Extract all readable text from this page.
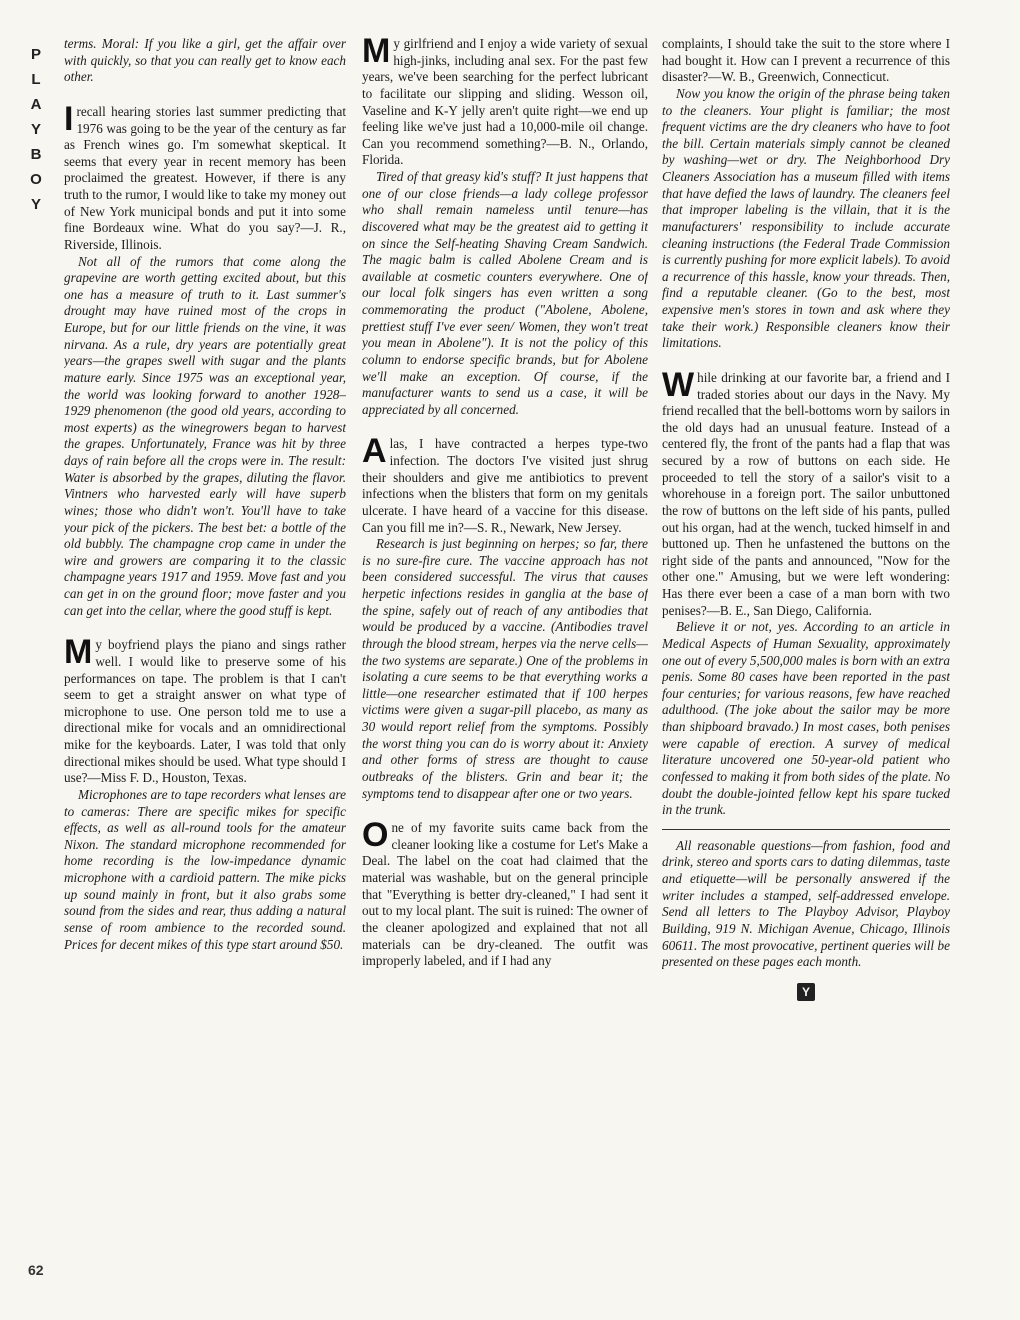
P
L
A
Y
B
O
Y
62

terms. Moral: If you like a girl, get the affair over with quickly, so that you can really get to know each other.

I recall hearing stories last summer predicting that 1976 was going to be the year of the century as far as French wines go. I'm somewhat skeptical. It seems that every year in recent memory has been proclaimed the greatest. However, if there is any truth to the rumor, I would like to take my money out of New York municipal bonds and put it into some fine Bordeaux wine. What do you say?—J. R., Riverside, Illinois.

Not all of the rumors that come along the grapevine are worth getting excited about, but this one has a measure of truth to it. Last summer's drought may have ruined most of the crops in Europe, but for our little friends on the vine, it was nirvana. As a rule, dry years are potentially great years—the grapes swell with sugar and the plants mature early. Since 1975 was an exceptional year, the world was looking forward to another 1928–1929 phenomenon (the good old years, according to most experts) as the winegrowers began to harvest the grapes. Unfortunately, France was hit by three days of rain before all the crops were in. The result: Water is absorbed by the grapes, diluting the flavor. Vintners who harvested early will have superb wines; those who didn't won't. You'll have to take your pick of the pickers. The best bet: a bottle of the old bubbly. The champagne crop came in under the wire and growers are comparing it to the classic champagne years 1917 and 1959. Move fast and you can get in on the ground floor; move faster and you can get into the cellar, where the good stuff is kept.

My boyfriend plays the piano and sings rather well. I would like to preserve some of his performances on tape. The problem is that I can't seem to get a straight answer on what type of microphone to use. One person told me to use a directional mike for vocals and an omnidirectional mike for the keyboards. Later, I was told that only directional mikes should be used. What type should I use?—Miss F. D., Houston, Texas.

Microphones are to tape recorders what lenses are to cameras: There are specific mikes for specific effects, as well as all-round tools for the amateur Nixon. The standard microphone recommended for home recording is the low-impedance dynamic microphone with a cardioid pattern. The mike picks up sound mainly in front, but it also grabs some sound from the sides and rear, thus adding a natural sense of room ambience to the recorded sound. Prices for decent mikes of this type start around $50.

My girlfriend and I enjoy a wide variety of sexual high-jinks, including anal sex. For the past few years, we've been searching for the perfect lubricant to facilitate our slipping and sliding. Wesson oil, Vaseline and K-Y jelly aren't quite right—we end up feeling like we've just had a 10,000-mile oil change. Can you recommend something?—B. N., Orlando, Florida.

Tired of that greasy kid's stuff? It just happens that one of our close friends—a lady college professor who shall remain nameless until tenure—has discovered what may be the greatest aid to getting it on since the Self-heating Shaving Cream Sandwich. The magic balm is called Abolene Cream and is available at cosmetic counters everywhere. One of our local folk singers has even written a song commemorating the product ("Abolene, Abolene, prettiest stuff I've ever seen/ Women, they won't treat you mean in Abolene"). It is not the policy of this column to endorse specific brands, but for Abolene we'll make an exception. Of course, if the manufacturer wants to send us a case, it will be appreciated by all concerned.

Alas, I have contracted a herpes type-two infection. The doctors I've visited just shrug their shoulders and give me antibiotics to prevent infections when the blisters that form on my genitals ulcerate. I have heard of a vaccine for this disease. Can you fill me in?—S. R., Newark, New Jersey.

Research is just beginning on herpes; so far, there is no sure-fire cure. The vaccine approach has not been considered successful. The virus that causes herpetic infections resides in ganglia at the base of the spine, safely out of reach of any antibodies that would be produced by a vaccine. (Antibodies travel through the blood stream, herpes via the nerve cells—the two systems are separate.) One of the problems in isolating a cure seems to be that everything works a little—one researcher estimated that if 100 herpes victims were given a sugar-pill placebo, as many as 30 would report relief from the symptoms. Possibly the worst thing you can do is worry about it: Anxiety and other forms of stress are thought to cause outbreaks of the blisters. Grin and bear it; the symptoms tend to disappear after one or two years.

One of my favorite suits came back from the cleaner looking like a costume for Let's Make a Deal. The label on the coat had claimed that the material was washable, but on the general principle that "Everything is better dry-cleaned," I had sent it out to my local plant. The suit is ruined: The owner of the cleaner apologized and explained that not all materials can be dry-cleaned. The outfit was improperly labeled, and if I had any

complaints, I should take the suit to the store where I had bought it. How can I prevent a recurrence of this disaster?—W. B., Greenwich, Connecticut.

Now you know the origin of the phrase being taken to the cleaners. Your plight is familiar; the most frequent victims are the dry cleaners who have to foot the bill. Certain materials simply cannot be cleaned by washing—wet or dry. The Neighborhood Dry Cleaners Association has a museum filled with items that have defied the laws of laundry. The cleaners feel that improper labeling is the villain, that it is the manufacturers' responsibility to include accurate cleaning instructions (the Federal Trade Commission is currently pushing for more explicit labels). To avoid a recurrence of this hassle, know your threads. Then, find a reputable cleaner. (Go to the best, most expensive men's stores in town and ask where they take their work.) Responsible cleaners know their limitations.

While drinking at our favorite bar, a friend and I traded stories about our days in the Navy. My friend recalled that the bell-bottoms worn by sailors in the old days had an unusual feature. Instead of a centered fly, the front of the pants had a flap that was secured by a row of buttons on each side. He proceeded to tell the story of a sailor's visit to a whorehouse in a foreign port. The sailor unbuttoned the row of buttons on the left side of his pants, pulled out his organ, had at the wench, tucked himself in and buttoned up. Then he unfastened the buttons on the right side of the pants and announced, "Now for the other one." Amusing, but we were left wondering: Has there ever been a case of a man born with two penises?—B. E., San Diego, California.

Believe it or not, yes. According to an article in Medical Aspects of Human Sexuality, approximately one out of every 5,500,000 males is born with an extra penis. Some 80 cases have been reported in the past four centuries; for various reasons, few have reached adulthood. (The joke about the sailor may be more than shipboard bravado.) In most cases, both penises were capable of erection. A survey of medical literature uncovered one 50-year-old patient who confessed to making it from both sides of the plate. No doubt the double-jointed fellow kept his spare tucked in the trunk.

All reasonable questions—from fashion, food and drink, stereo and sports cars to dating dilemmas, taste and etiquette—will be personally answered if the writer includes a stamped, self-addressed envelope. Send all letters to The Playboy Advisor, Playboy Building, 919 N. Michigan Avenue, Chicago, Illinois 60611. The most provocative, pertinent queries will be presented on these pages each month.

Y
